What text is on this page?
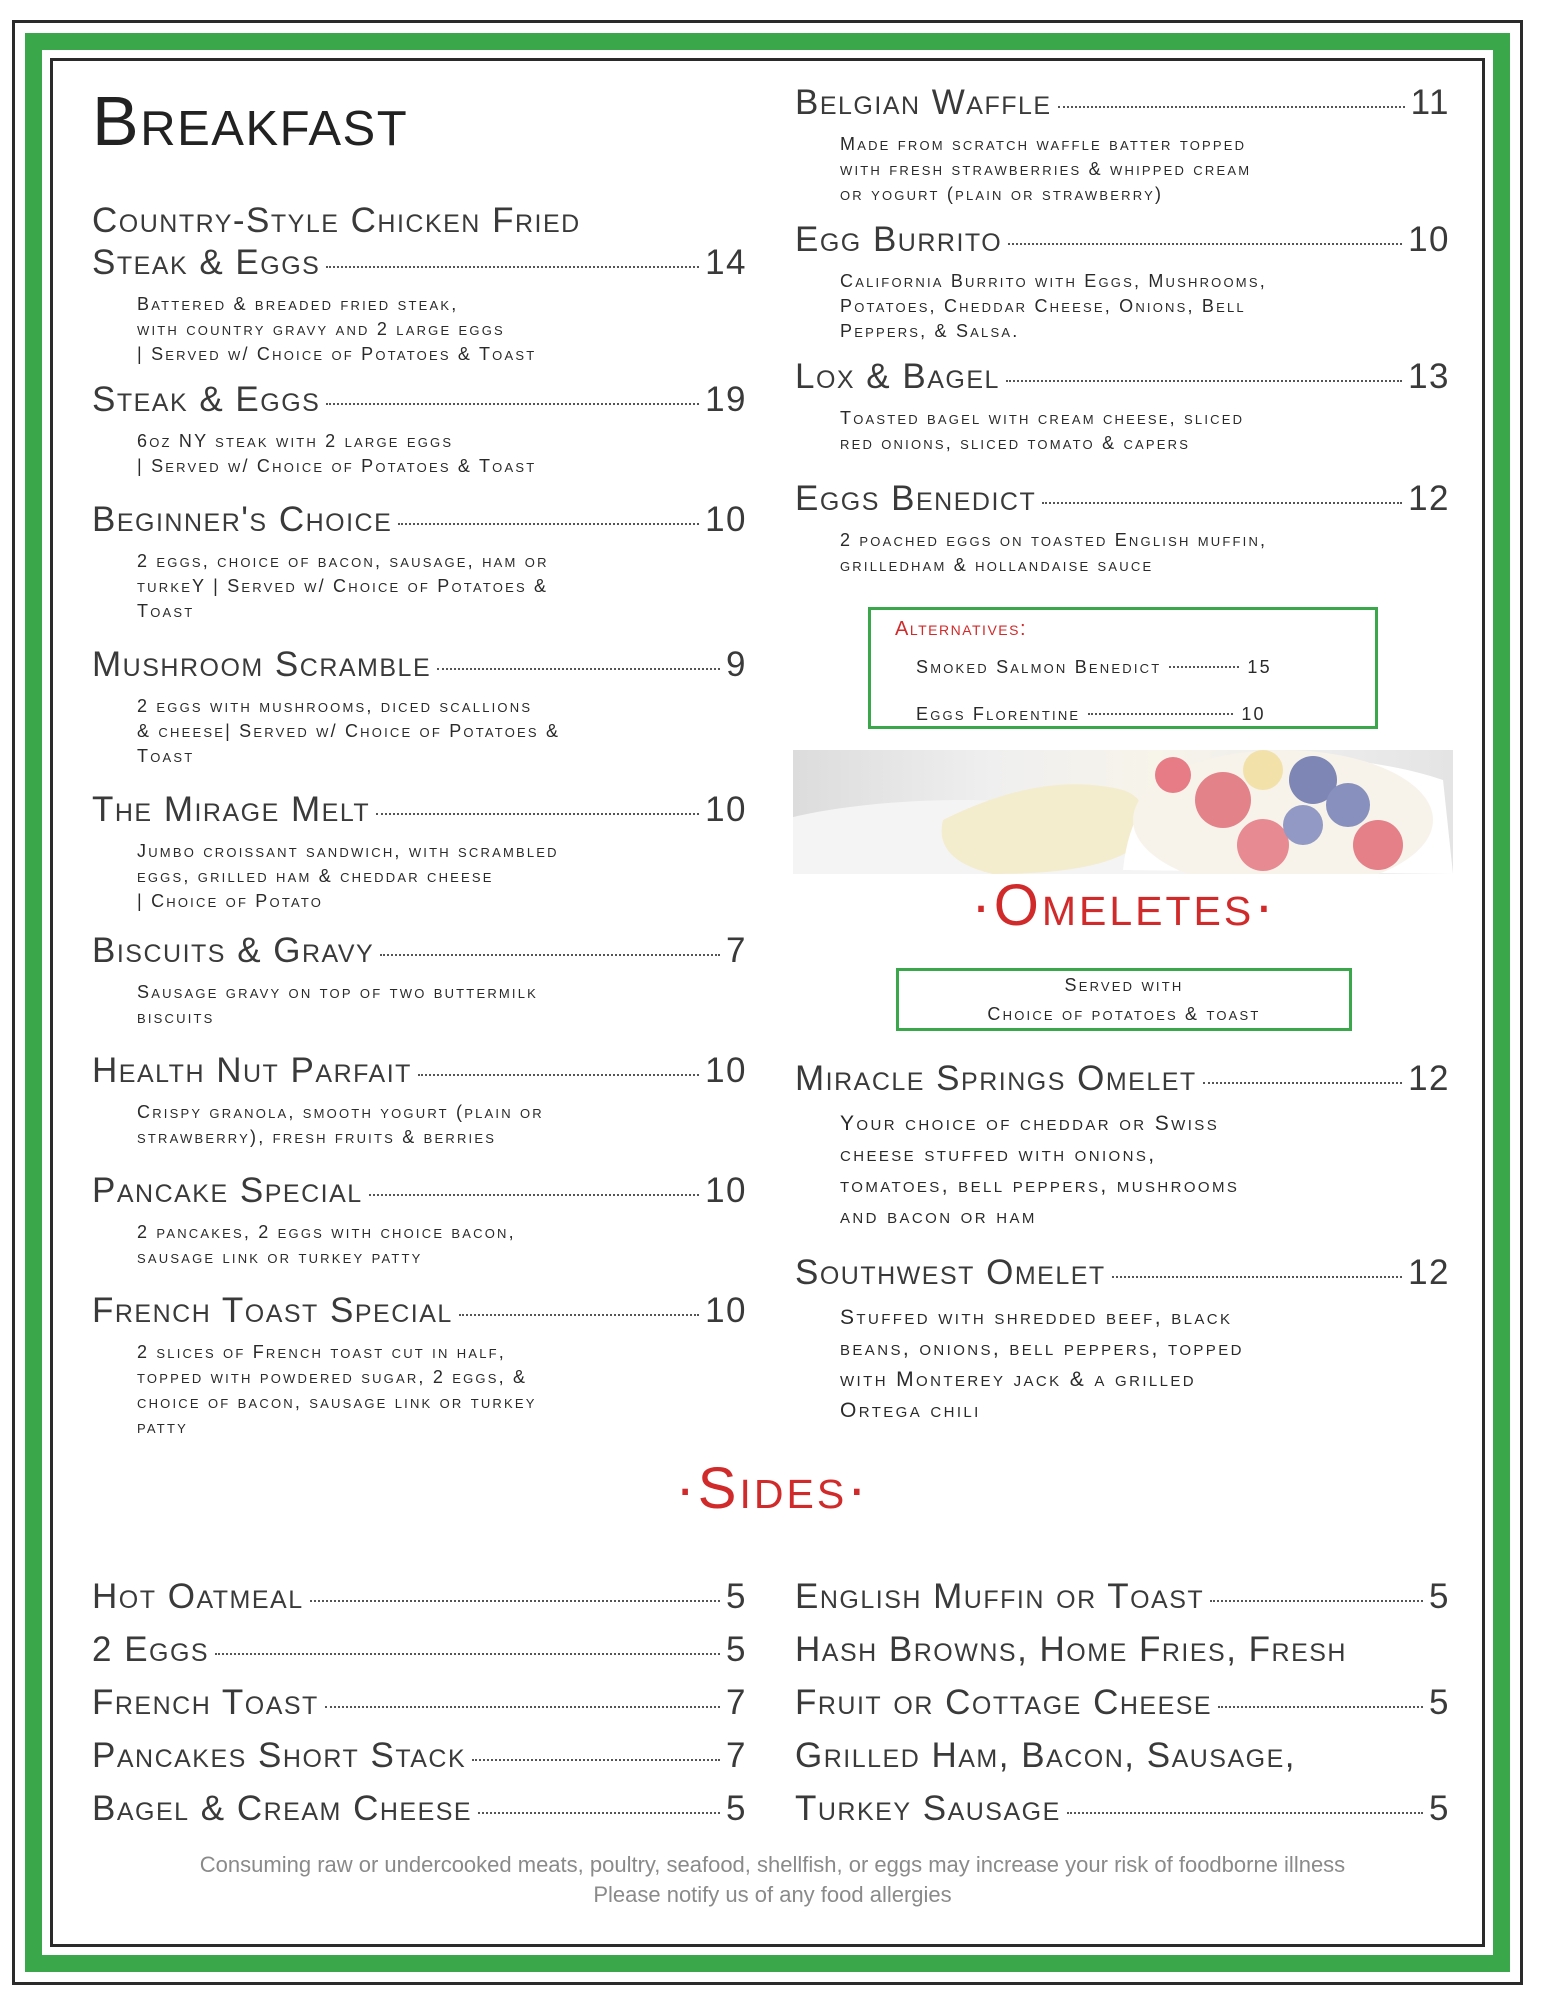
Breakfast
Country-Style Chicken Fried
Steak & Eggs	14
Battered & breaded fried steak,
with country gravy and 2 large eggs
| Served w/ Choice of Potatoes & Toast
Steak & Eggs	19
6oz NY steak with 2 large eggs
| Served w/ Choice of Potatoes & Toast
Beginner's Choice	10
2 eggs, choice of bacon, sausage, ham or
turkeY | Served w/ Choice of Potatoes &
Toast
Mushroom Scramble	9
2 eggs with mushrooms, diced scallions
& cheese| Served w/ Choice of Potatoes &
Toast
The Mirage Melt	10
Jumbo croissant sandwich, with scrambled
eggs, grilled ham & cheddar cheese
| Choice of Potato
Biscuits & Gravy	7
Sausage gravy on top of two buttermilk
biscuits
Health Nut Parfait	10
Crispy granola, smooth yogurt (plain or
strawberry), fresh fruits & berries
Pancake Special	10
2 pancakes, 2 eggs with choice bacon,
sausage link or turkey patty
French Toast Special	10
2 slices of French toast cut in half,
topped with powdered sugar, 2 eggs, &
choice of bacon, sausage link or turkey
patty
Belgian Waffle	11
Made from scratch waffle batter topped
with fresh strawberries & whipped cream
or yogurt (plain or strawberry)
Egg Burrito	10
California Burrito with Eggs, Mushrooms,
Potatoes, Cheddar Cheese, Onions, Bell
Peppers, & Salsa.
Lox & Bagel	13
Toasted bagel with cream cheese, sliced
red onions, sliced tomato & capers
Eggs Benedict	12
2 poached eggs on toasted English muffin,
grilledham & hollandaise sauce
Alternatives:
Smoked Salmon Benedict	15
Eggs Florentine	10
·Omeletes·
Served with
Choice of potatoes & toast
Miracle Springs Omelet	12
Your choice of cheddar or Swiss
cheese stuffed with onions,
tomatoes, bell peppers, mushrooms
and bacon or ham
Southwest Omelet	12
Stuffed with shredded beef, black
beans, onions, bell peppers, topped
with Monterey jack & a grilled
Ortega chili
·Sides·
Hot Oatmeal	5
2 Eggs	5
French Toast	7
Pancakes Short Stack	7
Bagel & Cream Cheese	5
English Muffin or Toast	5
Hash Browns, Home Fries, Fresh
Fruit or Cottage Cheese	5
Grilled Ham, Bacon, Sausage,
Turkey Sausage	5
Consuming raw or undercooked meats, poultry, seafood, shellfish, or eggs may increase your risk of foodborne illness
Please notify us of any food allergies
